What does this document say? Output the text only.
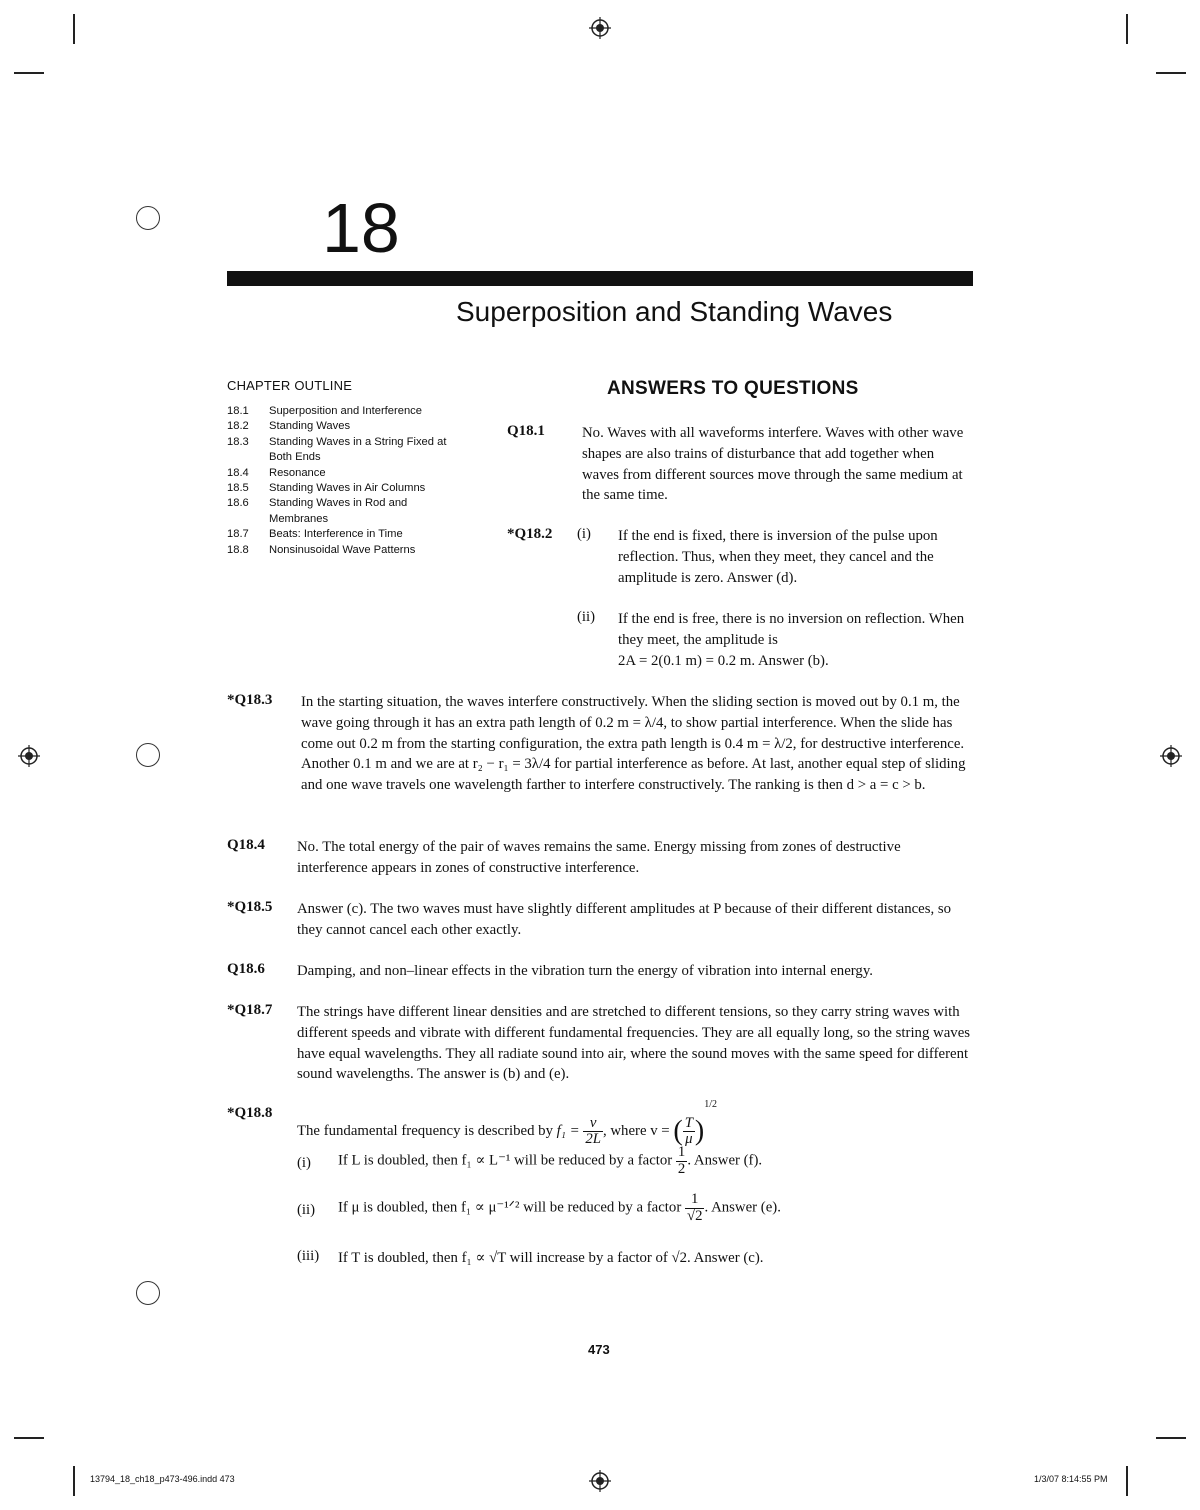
18
Superposition and Standing Waves
CHAPTER OUTLINE
18.1	Superposition and Interference
18.2	Standing Waves
18.3	Standing Waves in a String Fixed at Both Ends
18.4	Resonance
18.5	Standing Waves in Air Columns
18.6	Standing Waves in Rod and Membranes
18.7	Beats: Interference in Time
18.8	Nonsinusoidal Wave Patterns
ANSWERS TO QUESTIONS
Q18.1	No. Waves with all waveforms interfere. Waves with other wave shapes are also trains of disturbance that add together when waves from different sources move through the same medium at the same time.
*Q18.2 (i) If the end is fixed, there is inversion of the pulse upon reflection. Thus, when they meet, they cancel and the amplitude is zero. Answer (d).
(ii) If the end is free, there is no inversion on reflection. When they meet, the amplitude is
2A = 2(0.1 m) = 0.2 m. Answer (b).
*Q18.3 In the starting situation, the waves interfere constructively. When the sliding section is moved out by 0.1 m, the wave going through it has an extra path length of 0.2 m = λ/4, to show partial interference. When the slide has come out 0.2 m from the starting configuration, the extra path length is 0.4 m = λ/2, for destructive interference. Another 0.1 m and we are at r₂ − r₁ = 3λ/4 for partial interference as before. At last, another equal step of sliding and one wave travels one wavelength farther to interfere constructively. The ranking is then d > a = c > b.
Q18.4 No. The total energy of the pair of waves remains the same. Energy missing from zones of destructive interference appears in zones of constructive interference.
*Q18.5 Answer (c). The two waves must have slightly different amplitudes at P because of their different distances, so they cannot cancel each other exactly.
Q18.6 Damping, and non–linear effects in the vibration turn the energy of vibration into internal energy.
*Q18.7 The strings have different linear densities and are stretched to different tensions, so they carry string waves with different speeds and vibrate with different fundamental frequencies. They are all equally long, so the string waves have equal wavelengths. They all radiate sound into air, where the sound moves with the same speed for different sound wavelengths. The answer is (b) and (e).
*Q18.8
The fundamental frequency is described by $f_1 = \frac{v}{2L}$ , where v = ( $\frac{T}{\mu} )^{1/2}$
(i) If L is doubled, then f₁ ∝ L⁻¹ will be reduced by a factor $\frac{1}{2}$ . Answer (f).
(ii) If μ is doubled, then f₁ ∝ μ⁻¹ᐟ² will be reduced by a factor $\frac{1}{√2}$ . Answer (e).
(iii) If T is doubled, then f₁ ∝ √T will increase by a factor of √2. Answer (c).
473
13794_18_ch18_p473-496.indd 473	1/3/07 8:14:55 PM
